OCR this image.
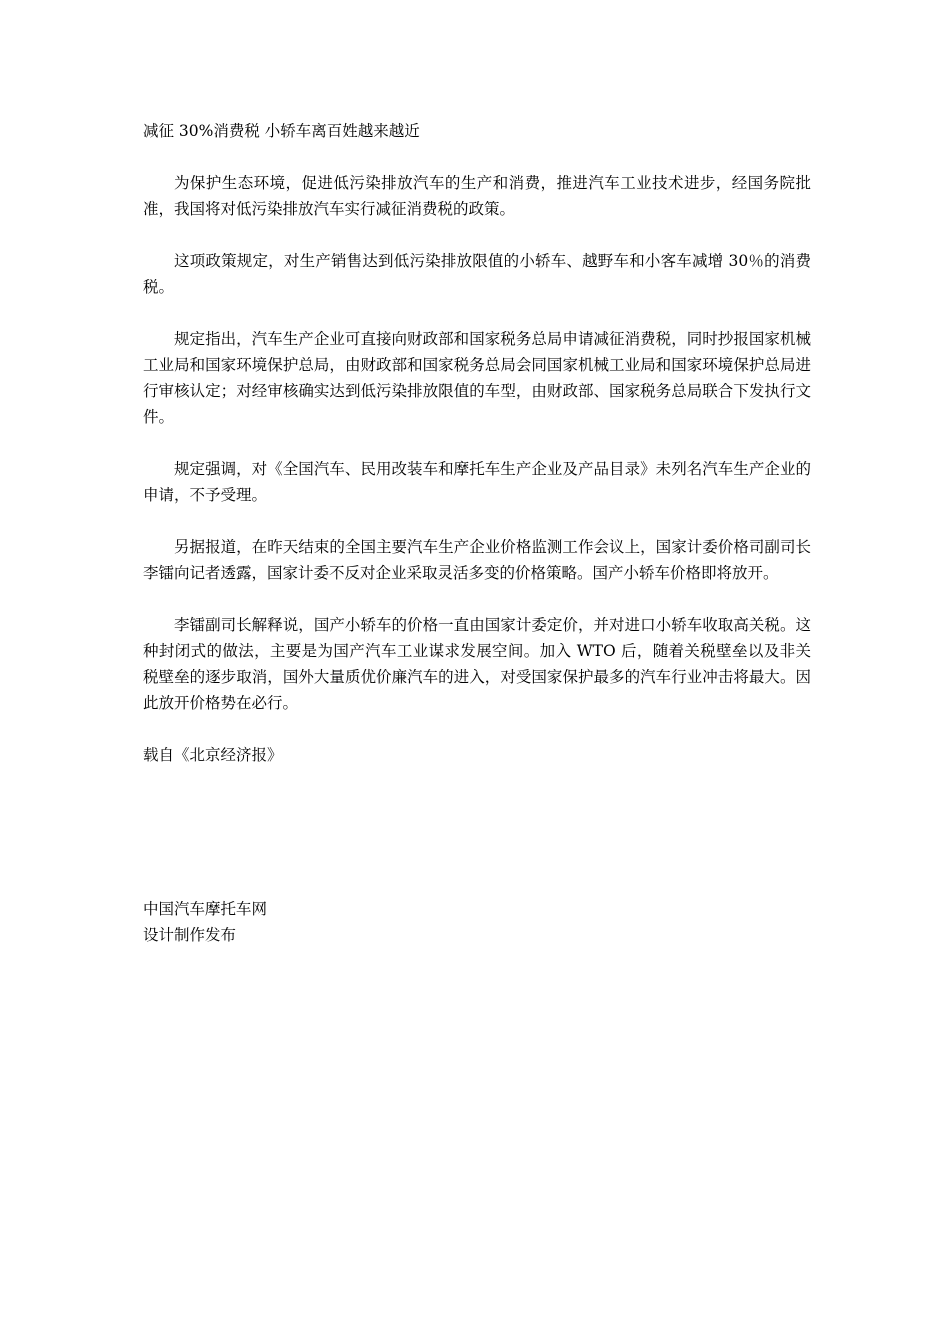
减征 30%消费税 小轿车离百姓越来越近

为保护生态环境，促进低污染排放汽车的生产和消费，推进汽车工业技术进步，经国务院批准，我国将对低污染排放汽车实行减征消费税的政策。

这项政策规定，对生产销售达到低污染排放限值的小轿车、越野车和小客车减增 30％的消费税。

规定指出，汽车生产企业可直接向财政部和国家税务总局申请减征消费税，同时抄报国家机械工业局和国家环境保护总局，由财政部和国家税务总局会同国家机械工业局和国家环境保护总局进行审核认定；对经审核确实达到低污染排放限值的车型，由财政部、国家税务总局联合下发执行文件。

规定强调，对《全国汽车、民用改装车和摩托车生产企业及产品目录》未列名汽车生产企业的申请，不予受理。

另据报道，在昨天结束的全国主要汽车生产企业价格监测工作会议上，国家计委价格司副司长李镭向记者透露，国家计委不反对企业采取灵活多变的价格策略。国产小轿车价格即将放开。

李镭副司长解释说，国产小轿车的价格一直由国家计委定价，并对进口小轿车收取高关税。这种封闭式的做法，主要是为国产汽车工业谋求发展空间。加入 WTO 后，随着关税壁垒以及非关税壁垒的逐步取消，国外大量质优价廉汽车的进入，对受国家保护最多的汽车行业冲击将最大。因此放开价格势在必行。

载自《北京经济报》

中国汽车摩托车网
设计制作发布
